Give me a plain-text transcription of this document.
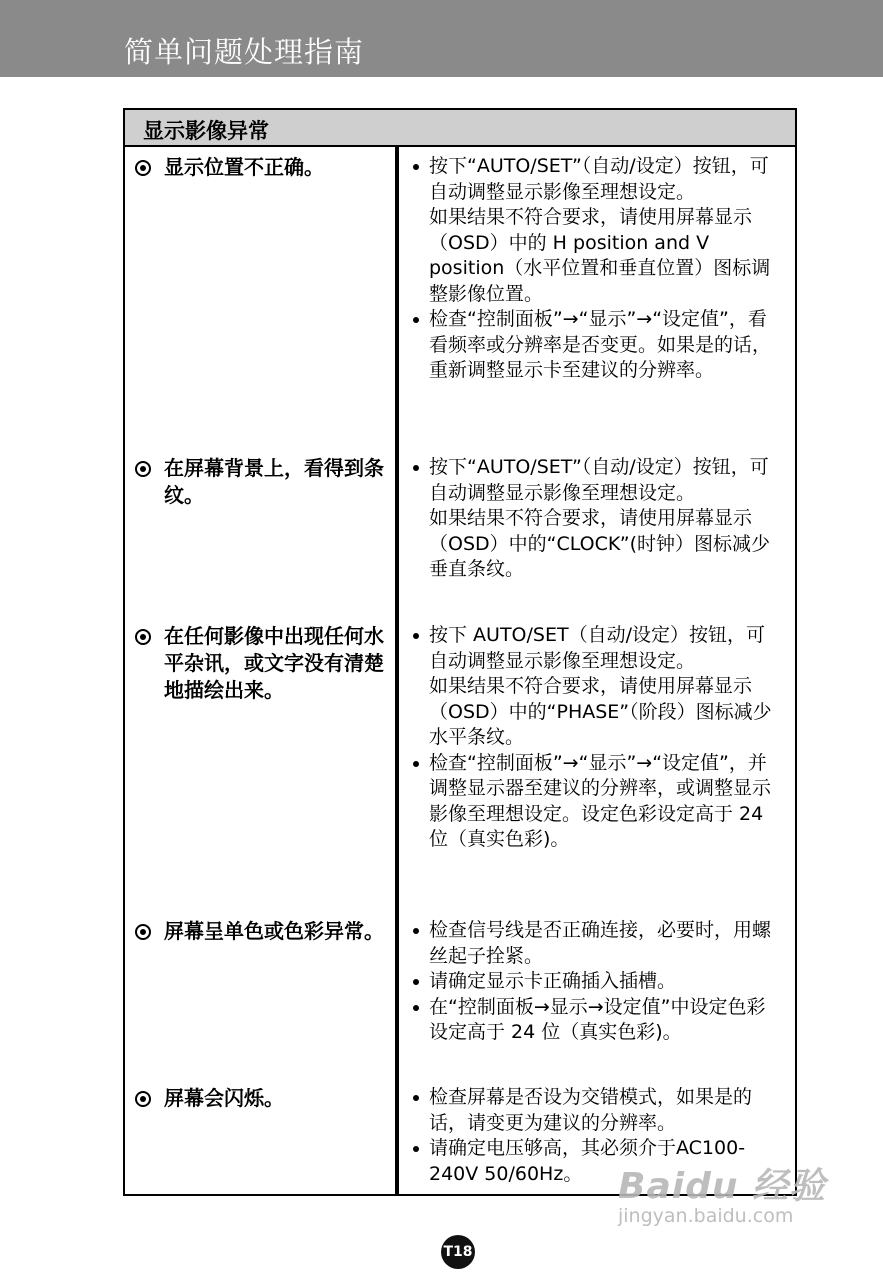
简单问题处理指南
显示影像异常
显示位置不正确。	按下“AUTO/SET”（自动/设定）按钮，可自动调整显示影像至理想设定。

如果结果不符合要求，请使用屏幕显示（OSD）中的 H position and V position（水平位置和垂直位置）图标调整影像位置。

检查“控制面板”→“显示”→“设定值”，看看频率或分辨率是否变更。如果是的话，重新调整显示卡至建议的分辨率。

在屏幕背景上，看得到条纹。

按下“AUTO/SET”（自动/设定）按钮，可自动调整显示影像至理想设定。

如果结果不符合要求，请使用屏幕显示（OSD）中的“CLOCK”(时钟）图标减少垂直条纹。

在任何影像中出现任何水平杂讯，或文字没有清楚地描绘出来。

按下 AUTO/SET（自动/设定）按钮，可自动调整显示影像至理想设定。

如果结果不符合要求，请使用屏幕显示（OSD）中的“PHASE”（阶段）图标减少水平条纹。

检查“控制面板”→“显示”→“设定值”，并调整显示器至建议的分辨率，或调整显示影像至理想设定。设定色彩设定高于 24 位（真实色彩)。

屏幕呈单色或色彩异常。 检查信号线是否正确连接，必要时，用螺丝起子拴紧。

请确定显示卡正确插入插槽。

在“控制面板→显示→设定值”中设定色彩设定高于 24 位（真实色彩)。

屏幕会闪烁。	检查屏幕是否设为交错模式，如果是的话，请变更为建议的分辨率。

请确定电压够高，其必须介于AC100-240V 50/60Hz。

T18
Baidu 经验
jingyan.baidu.com
